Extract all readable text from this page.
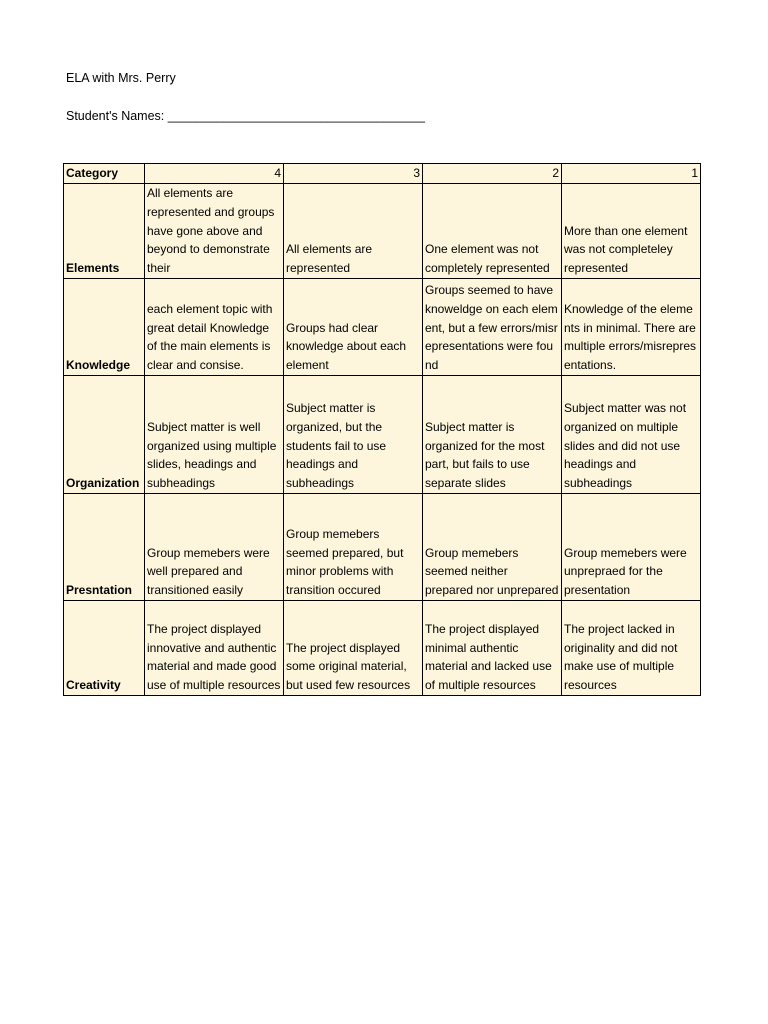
ELA with Mrs. Perry
Student's Names: _____________________________________
Category	4	3	2	1
Elements	All elements are represented and groups have gone above and beyond to demonstrate their	All elements are represented	One element was not completely represented	More than one element was not completeley represented
Knowledge	each element topic with great detail Knowledge of the main elements is clear and consise.	Groups had clear knowledge about each element	Groups seemed to have knoweldge on each element, but a few errors/misrepresentations were found	Knowledge of the elements in minimal. There are multiple errors/misrepresentations.
Organization	Subject matter is well organized using multiple slides, headings and subheadings	Subject matter is organized, but the students fail to use headings and subheadings	Subject matter is organized for the most part, but fails to use separate slides	Subject matter was not organized on multiple slides and did not use headings and subheadings
Presntation	Group memebers were well prepared and transitioned easily	Group memebers seemed prepared, but minor problems with transition occured	Group memebers seemed neither prepared nor unprepared	Group memebers were unprepraed for the presentation
Creativity	The project displayed innovative and authentic material and made good use of multiple resources	The project displayed some original material, but used few resources	The project displayed minimal authentic material and lacked use of multiple resources	The project lacked in originality and did not make use of multiple resources
